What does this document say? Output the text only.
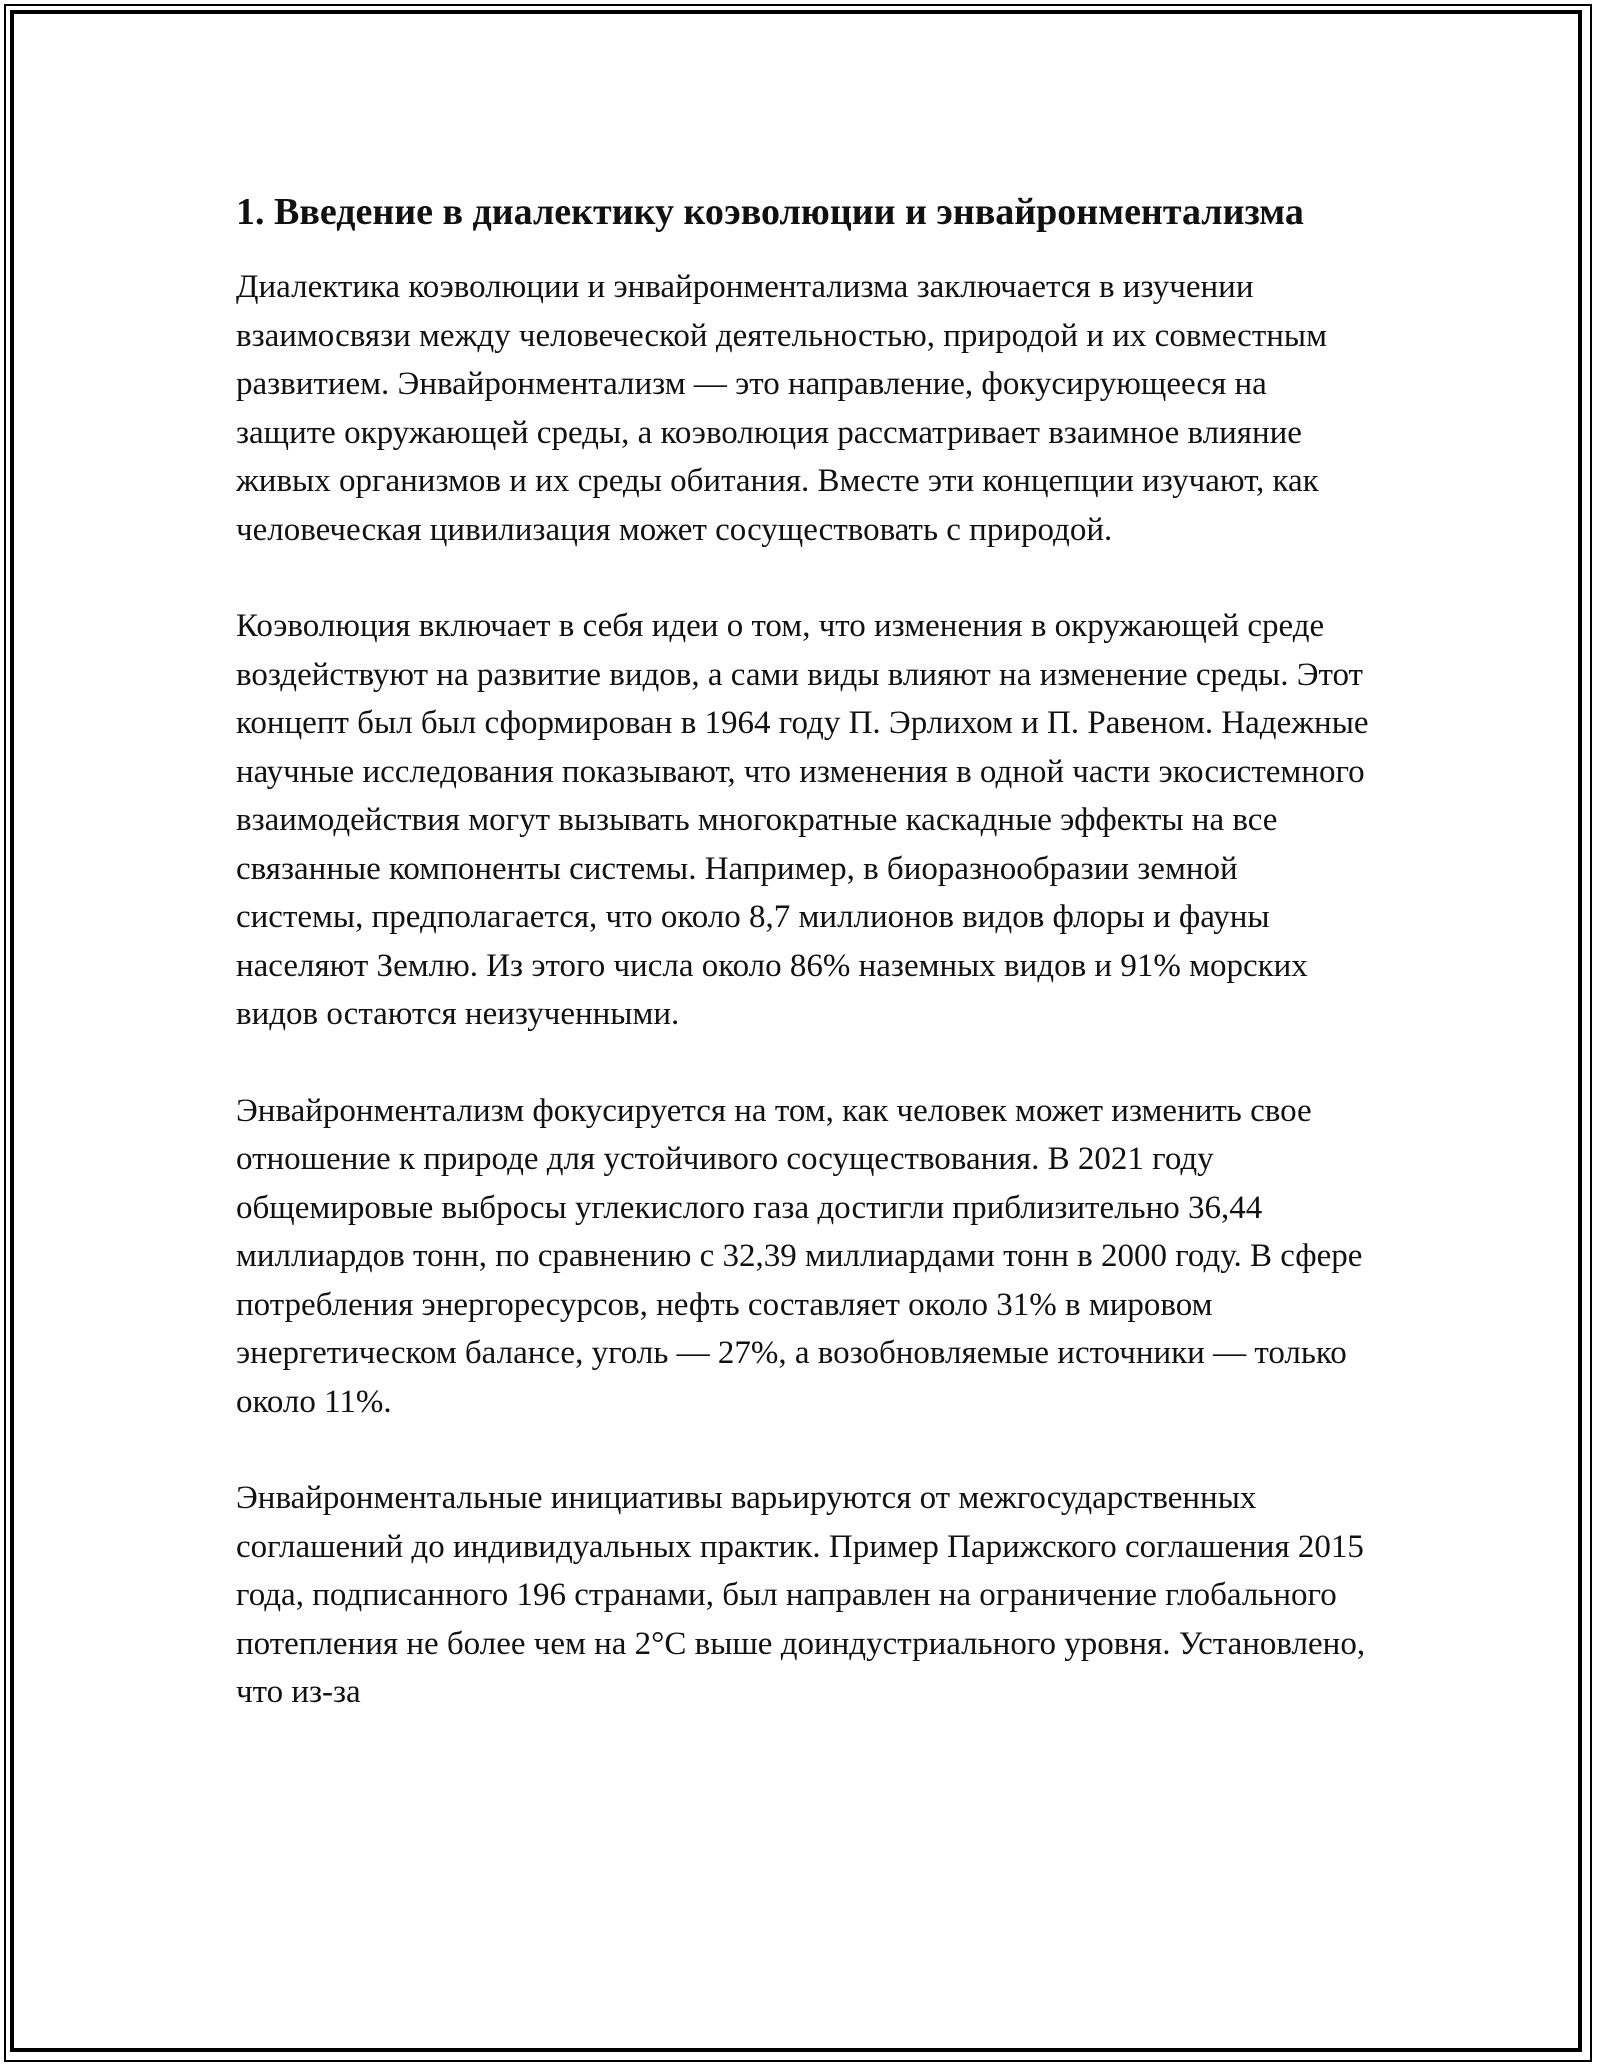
1. Введение в диалектику коэволюции и энвайронментализма

Диалектика коэволюции и энвайронментализма заключается в изучении взаимосвязи между человеческой деятельностью, природой и их совместным развитием. Энвайронментализм — это направление, фокусирующееся на защите окружающей среды, а коэволюция рассматривает взаимное влияние живых организмов и их среды обитания. Вместе эти концепции изучают, как человеческая цивилизация может сосуществовать с природой.

Коэволюция включает в себя идеи о том, что изменения в окружающей среде воздействуют на развитие видов, а сами виды влияют на изменение среды. Этот концепт был был сформирован в 1964 году П. Эрлихом и П. Равеном. Надежные научные исследования показывают, что изменения в одной части экосистемного взаимодействия могут вызывать многократные каскадные эффекты на все связанные компоненты системы. Например, в биоразнообразии земной системы, предполагается, что около 8,7 миллионов видов флоры и фауны населяют Землю. Из этого числа около 86% наземных видов и 91% морских видов остаются неизученными.

Энвайронментализм фокусируется на том, как человек может изменить свое отношение к природе для устойчивого сосуществования. В 2021 году общемировые выбросы углекислого газа достигли приблизительно 36,44 миллиардов тонн, по сравнению с 32,39 миллиардами тонн в 2000 году. В сфере потребления энергоресурсов, нефть составляет около 31% в мировом энергетическом балансе, уголь — 27%, а возобновляемые источники — только около 11%.

Энвайронментальные инициативы варьируются от межгосударственных соглашений до индивидуальных практик. Пример Парижского соглашения 2015 года, подписанного 196 странами, был направлен на ограничение глобального потепления не более чем на 2°C выше доиндустриального уровня. Установлено, что из-за
